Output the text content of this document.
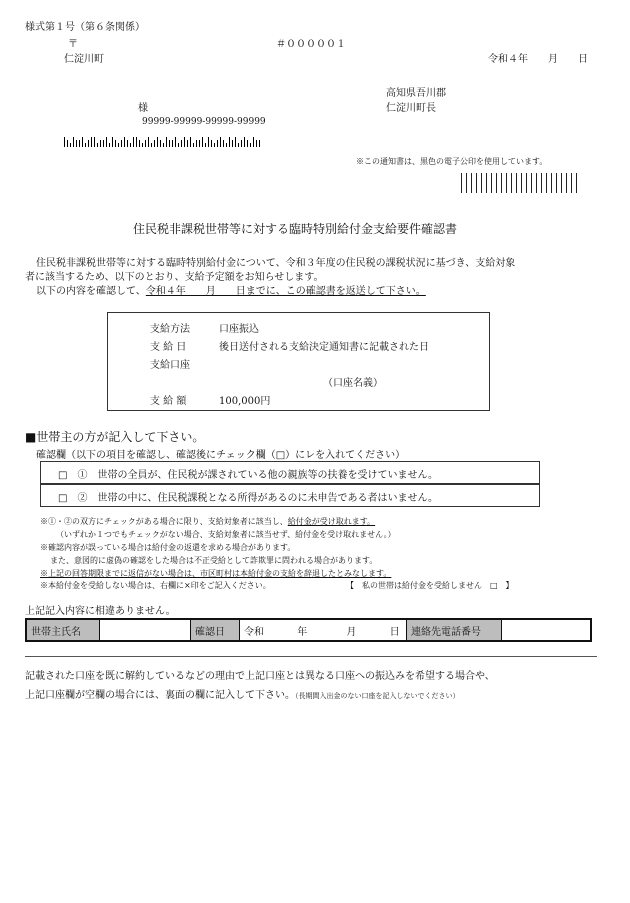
様式第１号（第６条関係）
〒
仁淀川町
＃０００００１
令和４年　　月　　日
高知県吾川郡
仁淀川町長
様
99999-99999-99999-99999
※この通知書は、黒色の電子公印を使用しています。
住民税非課税世帯等に対する臨時特別給付金支給要件確認書
住民税非課税世帯等に対する臨時特別給付金について、令和３年度の住民税の課税状況に基づき、支給対象
者に該当するため、以下のとおり、支給予定額をお知らせします。
以下の内容を確認して、令和４年　　月　　日までに、この確認書を返送して下さい。
支給方法	口座振込
支 給 日	後日送付される支給決定通知書に記載された日
支給口座
（口座名義）
支 給 額	100,000円
■世帯主の方が記入して下さい。
確認欄（以下の項目を確認し、確認後にチェック欄（□）にレを入れてください）
□　①　世帯の全員が、住民税が課されている他の親族等の扶養を受けていません。
□　②　世帯の中に、住民税課税となる所得があるのに未申告である者はいません。
※①・②の双方にチェックがある場合に限り、支給対象者に該当し、給付金が受け取れます。
（いずれか１つでもチェックがない場合、支給対象者に該当せず、給付金を受け取れません。）
※確認内容が誤っている場合は給付金の返還を求める場合があります。
また、意図的に虚偽の確認をした場合は不正受給として詐欺罪に問われる場合があります。
※上記の回答期限までに返信がない場合は、市区町村は本給付金の支給を辞退したとみなします。
※本給付金を受給しない場合は、右欄に×印をご記入ください。	【　私の世帯は給付金を受給しません　□　】
上記記入内容に相違ありません。
世帯主氏名		確認日	令和	年	月	日	連絡先電話番号	
記載された口座を既に解約しているなどの理由で上記口座とは異なる口座への振込みを希望する場合や、
上記口座欄が空欄の場合には、裏面の欄に記入して下さい。（長期間入出金のない口座を記入しないでください）
